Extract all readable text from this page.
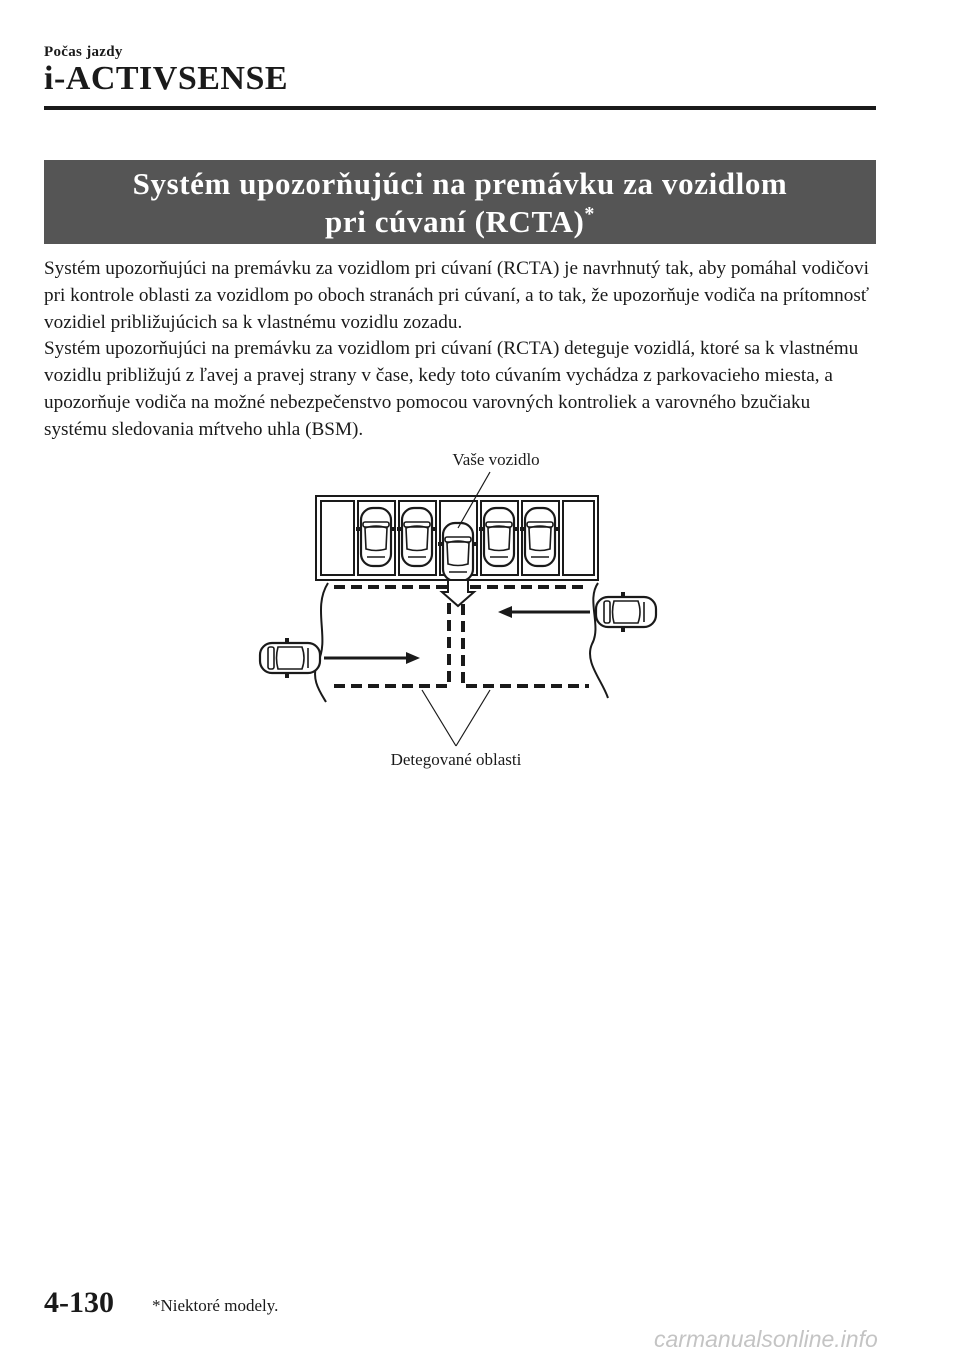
Počas jazdy
i-ACTIVSENSE
Systém upozorňujúci na premávku za vozidlom
pri cúvaní (RCTA)*

Systém upozorňujúci na premávku za vozidlom pri cúvaní (RCTA) je navrhnutý tak, aby pomáhal vodičovi pri kontrole oblasti za vozidlom po oboch stranách pri cúvaní, a to tak, že upozorňuje vodiča na prítomnosť vozidiel približujúcich sa k vlastnému vozidlu zozadu.
Systém upozorňujúci na premávku za vozidlom pri cúvaní (RCTA) deteguje vozidlá, ktoré sa k vlastnému vozidlu približujú z ľavej a pravej strany v čase, kedy toto cúvaním vychádza z parkovacieho miesta, a upozorňuje vodiča na možné nebezpečenstvo pomocou varovných kontroliek a varovného bzučiaku systému sledovania mŕtveho uhla (BSM).

Vaše vozidlo
Detegované oblasti
4-130 *Niektoré modely.
carmanualsonline.info
